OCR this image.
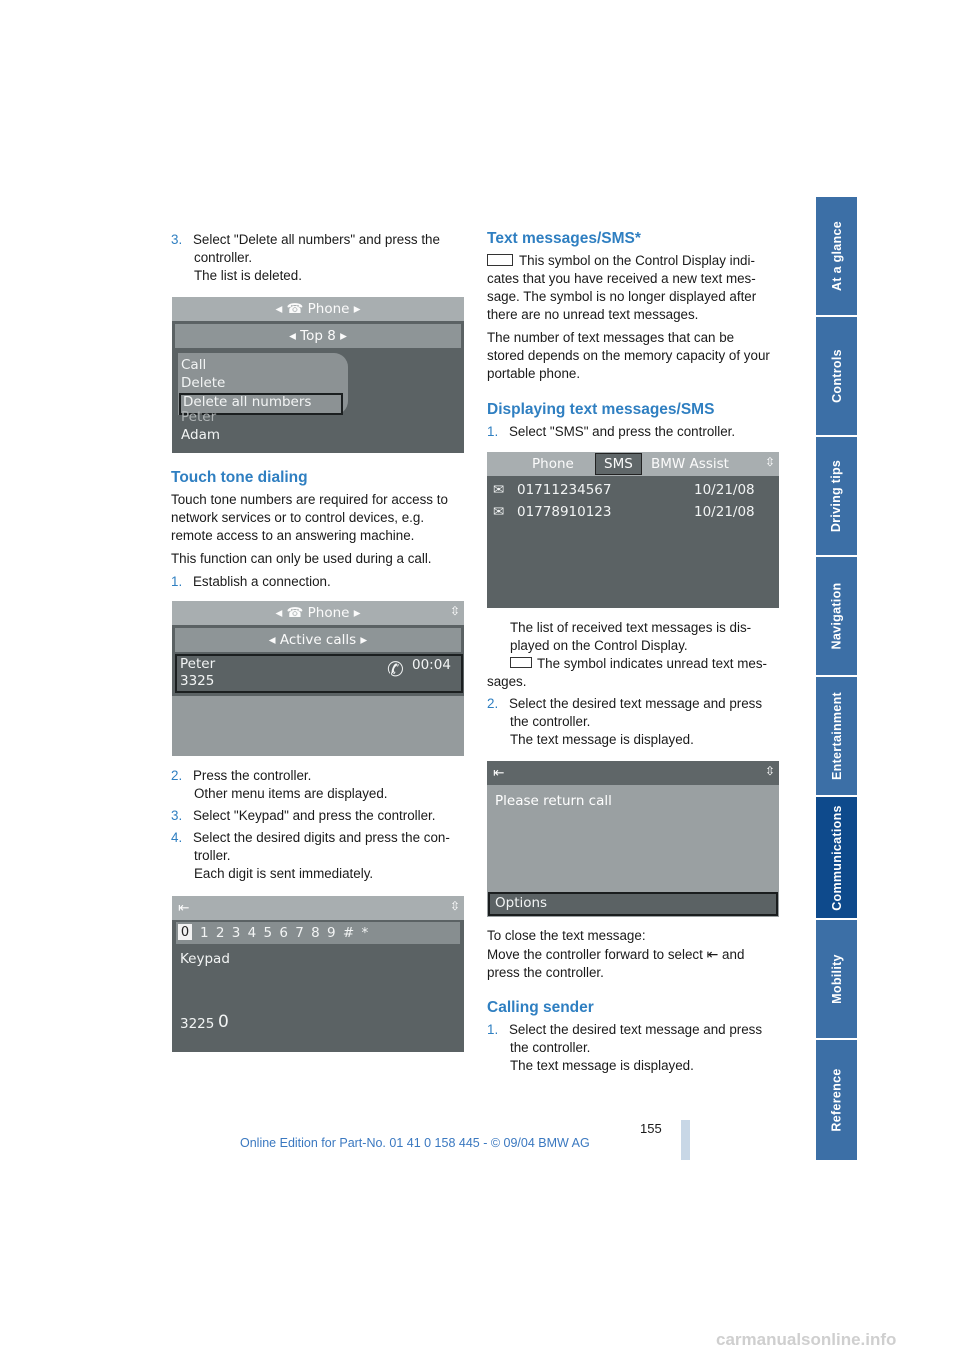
3. Select "Delete all numbers" and press the
controller.
The list is deleted.
◂ ☎ Phone ▸
◂ Top 8 ▸
Call
Delete
Delete all numbers
Peter
Adam
Touch tone dialing

Touch tone numbers are required for access to

network services or to control devices, e.g.

remote access to an answering machine.

This function can only be used during a call.

1. Establish a connection.

◂ ☎ Phone ▸	⇳
◂ Active calls ▸
Peter
3325	✆ 00:04

2. Press the controller.

Other menu items are displayed.

3. Select "Keypad" and press the controller.

4. Select the desired digits and press the con-

troller.
Each digit is sent immediately.
⇤	⇳
0 1 2 3 4 5 6 7 8 9 # *
Keypad
3225 0
Text messages/SMS*

This symbol on the Control Display indi-

cates that you have received a new text mes-

sage. The symbol is no longer displayed after

there are no unread text messages.

The number of text messages that can be

stored depends on the memory capacity of your

portable phone.

Displaying text messages/SMS
1. Select "SMS" and press the controller.
Phone	SMS	BMW Assist	⇳
✉ 01711234567	10/21/08
✉ 01778910123	10/21/08
The list of received text messages is dis-
played on the Control Display.
The symbol indicates unread text mes-

sages.

2. Select the desired text message and press

the controller.
The text message is displayed.
⇤	⇳
Please return call
Options

To close the text message:

Move the controller forward to select ⇤ and

press the controller.

Calling sender

1. Select the desired text message and press

the controller.
The text message is displayed.
At a glance
Controls
Driving tips
Navigation
Entertainment
Communications
Mobility
Reference
155
Online Edition for Part-No. 01 41 0 158 445 - © 09/04 BMW AG
carmanualsonline.info
